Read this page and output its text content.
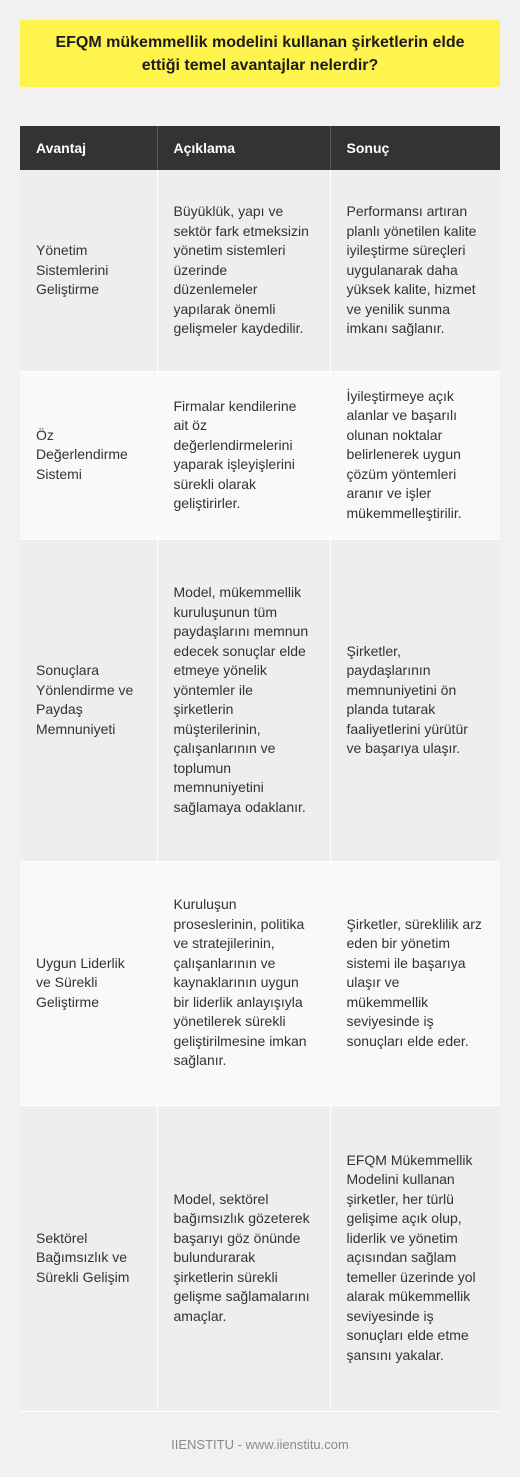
EFQM mükemmellik modelini kullanan şirketlerin elde ettiği temel avantajlar nelerdir?
Avantaj	Açıklama	Sonuç
Yönetim Sistemlerini Geliştirme	Büyüklük, yapı ve sektör fark etmeksizin yönetim sistemleri üzerinde düzenlemeler yapılarak önemli gelişmeler kaydedilir.	Performansı artıran planlı yönetilen kalite iyileştirme süreçleri uygulanarak daha yüksek kalite, hizmet ve yenilik sunma imkanı sağlanır.
Öz Değerlendirme Sistemi	Firmalar kendilerine ait öz değerlendirmelerini yaparak işleyişlerini sürekli olarak geliştirirler.	İyileştirmeye açık alanlar ve başarılı olunan noktalar belirlenerek uygun çözüm yöntemleri aranır ve işler mükemmelleştirilir.
Sonuçlara Yönlendirme ve Paydaş Memnuniyeti	Model, mükemmellik kuruluşunun tüm paydaşlarını memnun edecek sonuçlar elde etmeye yönelik yöntemler ile şirketlerin müşterilerinin, çalışanlarının ve toplumun memnuniyetini sağlamaya odaklanır.	Şirketler, paydaşlarının memnuniyetini ön planda tutarak faaliyetlerini yürütür ve başarıya ulaşır.
Uygun Liderlik ve Sürekli Geliştirme	Kuruluşun proseslerinin, politika ve stratejilerinin, çalışanlarının ve kaynaklarının uygun bir liderlik anlayışıyla yönetilerek sürekli geliştirilmesine imkan sağlanır.	Şirketler, süreklilik arz eden bir yönetim sistemi ile başarıya ulaşır ve mükemmellik seviyesinde iş sonuçları elde eder.
Sektörel Bağımsızlık ve Sürekli Gelişim	Model, sektörel bağımsızlık gözeterek başarıyı göz önünde bulundurarak şirketlerin sürekli gelişme sağlamalarını amaçlar.	EFQM Mükemmellik Modelini kullanan şirketler, her türlü gelişime açık olup, liderlik ve yönetim açısından sağlam temeller üzerinde yol alarak mükemmellik seviyesinde iş sonuçları elde etme şansını yakalar.
IIENSTITU - www.iienstitu.com
